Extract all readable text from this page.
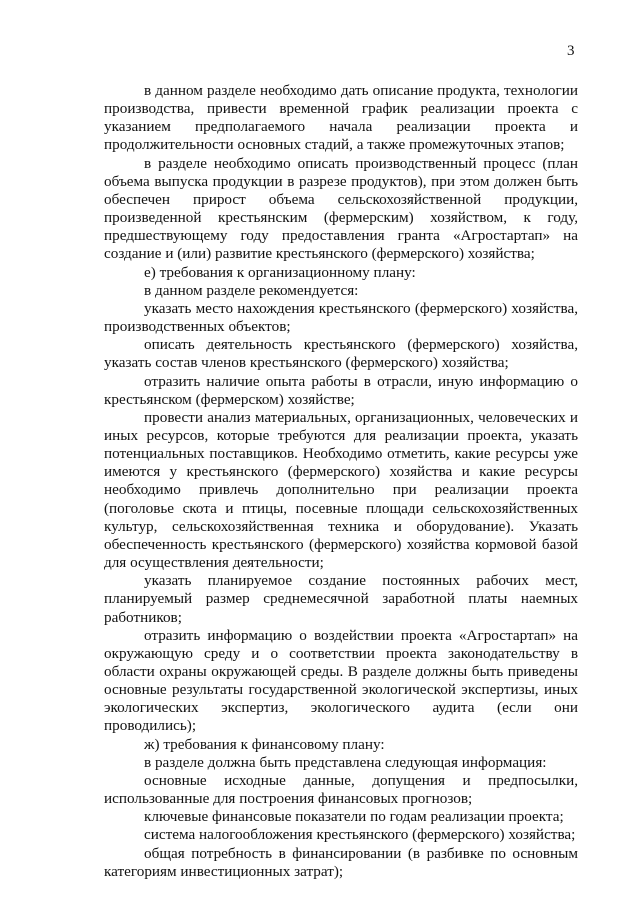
3

в данном разделе необходимо дать описание продукта, технологии производства, привести временной график реализации проекта с указанием предполагаемого начала реализации проекта и продолжительности основных стадий, а также промежуточных этапов;

в разделе необходимо описать производственный процесс (план объема выпуска продукции в разрезе продуктов), при этом должен быть обеспечен прирост объема сельскохозяйственной продукции, произведенной крестьянским (фермерским) хозяйством, к году, предшествующему году предоставления гранта «Агростартап» на создание и (или) развитие крестьянского (фермерского) хозяйства;

е) требования к организационному плану:

в данном разделе рекомендуется:

указать место нахождения крестьянского (фермерского) хозяйства, производственных объектов;

описать деятельность крестьянского (фермерского) хозяйства, указать состав членов крестьянского (фермерского) хозяйства;

отразить наличие опыта работы в отрасли, иную информацию о крестьянском (фермерском) хозяйстве;

провести анализ материальных, организационных, человеческих и иных ресурсов, которые требуются для реализации проекта, указать потенциальных поставщиков. Необходимо отметить, какие ресурсы уже имеются у крестьянского (фермерского) хозяйства и какие ресурсы необходимо привлечь дополнительно при реализации проекта (поголовье скота и птицы, посевные площади сельскохозяйственных культур, сельскохозяйственная техника и оборудование). Указать обеспеченность крестьянского (фермерского) хозяйства кормовой базой для осуществления деятельности;

указать планируемое создание постоянных рабочих мест, планируемый размер среднемесячной заработной платы наемных работников;

отразить информацию о воздействии проекта «Агростартап» на окружающую среду и о соответствии проекта законодательству в области охраны окружающей среды. В разделе должны быть приведены основные результаты государственной экологической экспертизы, иных экологических экспертиз, экологического аудита (если они проводились);

ж) требования к финансовому плану:

в разделе должна быть представлена следующая информация:

основные исходные данные, допущения и предпосылки, использованные для построения финансовых прогнозов;

ключевые финансовые показатели по годам реализации проекта;

система налогообложения крестьянского (фермерского) хозяйства;

общая потребность в финансировании (в разбивке по основным категориям инвестиционных затрат);
